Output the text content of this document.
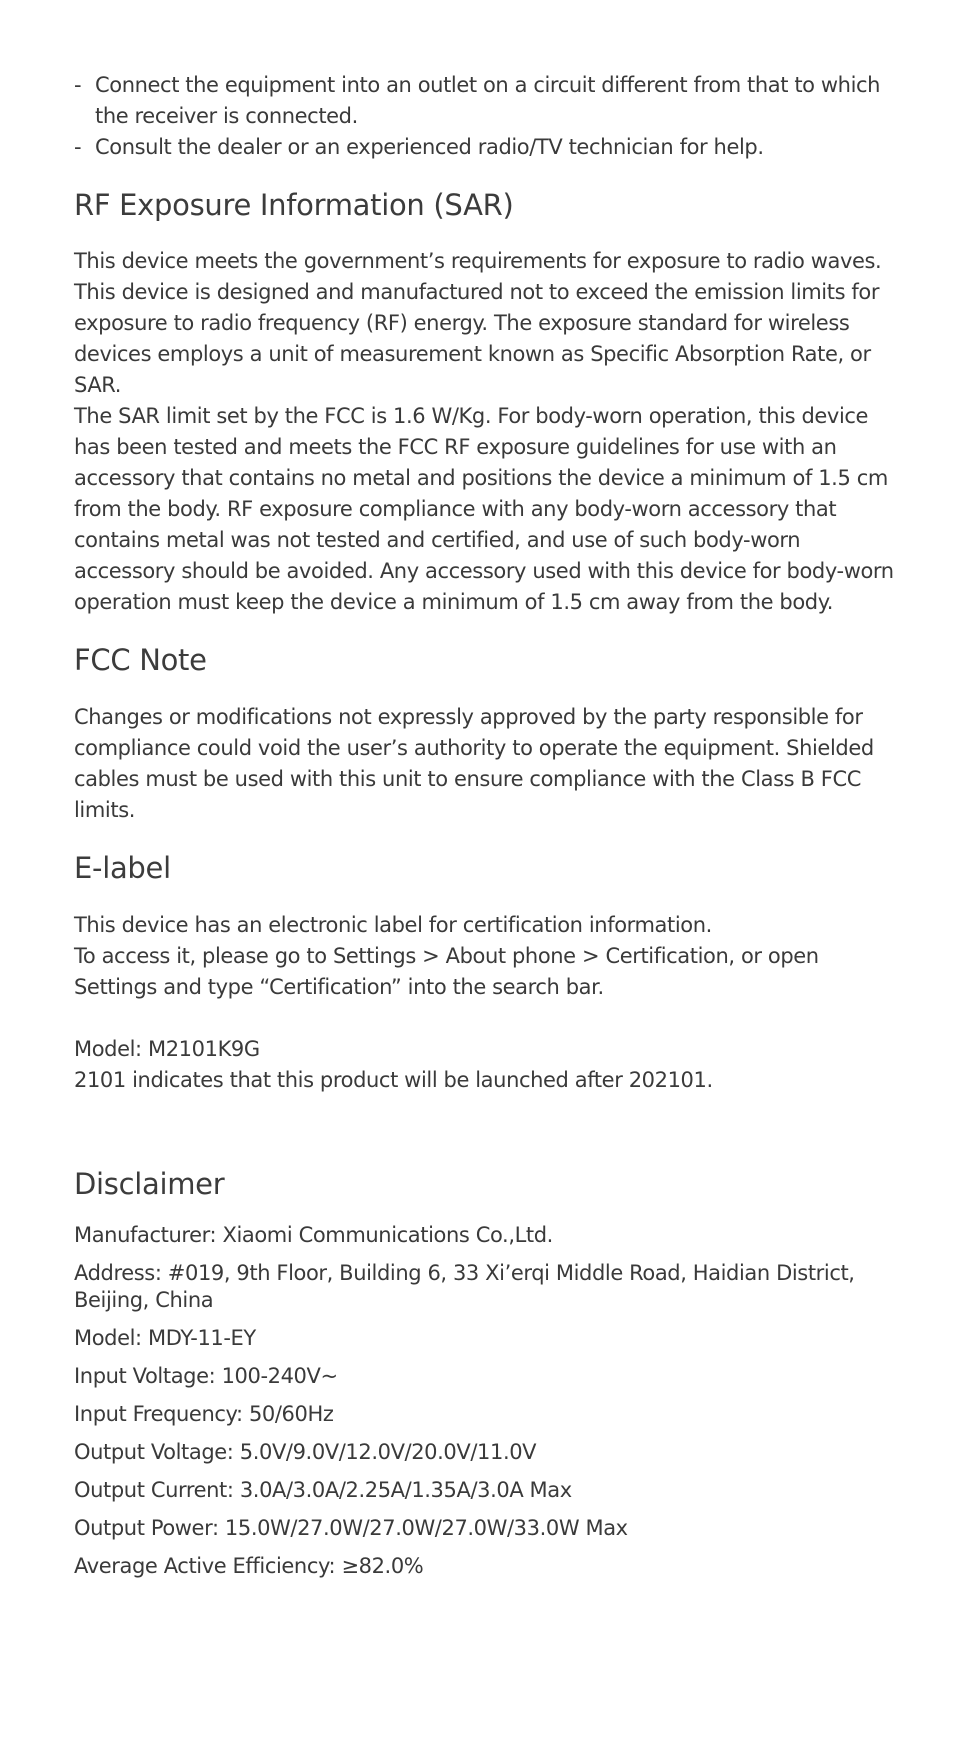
- Connect the equipment into an outlet on a circuit different from that to which the receiver is connected.
- Consult the dealer or an experienced radio/TV technician for help.
RF Exposure Information (SAR)

This device meets the government’s requirements for exposure to radio waves. This device is designed and manufactured not to exceed the emission limits for exposure to radio frequency (RF) energy. The exposure standard for wireless devices employs a unit of measurement known as Specific Absorption Rate, or SAR.

The SAR limit set by the FCC is 1.6 W/Kg. For body-worn operation, this device has been tested and meets the FCC RF exposure guidelines for use with an accessory that contains no metal and positions the device a minimum of 1.5 cm from the body. RF exposure compliance with any body-worn accessory that contains metal was not tested and certified, and use of such body-worn accessory should be avoided. Any accessory used with this device for body-worn operation must keep the device a minimum of 1.5 cm away from the body.

FCC Note

Changes or modifications not expressly approved by the party responsible for compliance could void the user’s authority to operate the equipment. Shielded cables must be used with this unit to ensure compliance with the Class B FCC limits.

E-label

This device has an electronic label for certification information.

To access it, please go to Settings > About phone > Certification, or open Settings and type “Certification” into the search bar.

Model: M2101K9G

2101 indicates that this product will be launched after 202101.

Disclaimer

Manufacturer: Xiaomi Communications Co.,Ltd.

Address: #019, 9th Floor, Building 6, 33 Xi’erqi Middle Road, Haidian District, Beijing, China

Model: MDY-11-EY

Input Voltage: 100-240V~

Input Frequency: 50/60Hz

Output Voltage: 5.0V/9.0V/12.0V/20.0V/11.0V

Output Current: 3.0A/3.0A/2.25A/1.35A/3.0A Max

Output Power: 15.0W/27.0W/27.0W/27.0W/33.0W Max

Average Active Efficiency: ≥82.0%
